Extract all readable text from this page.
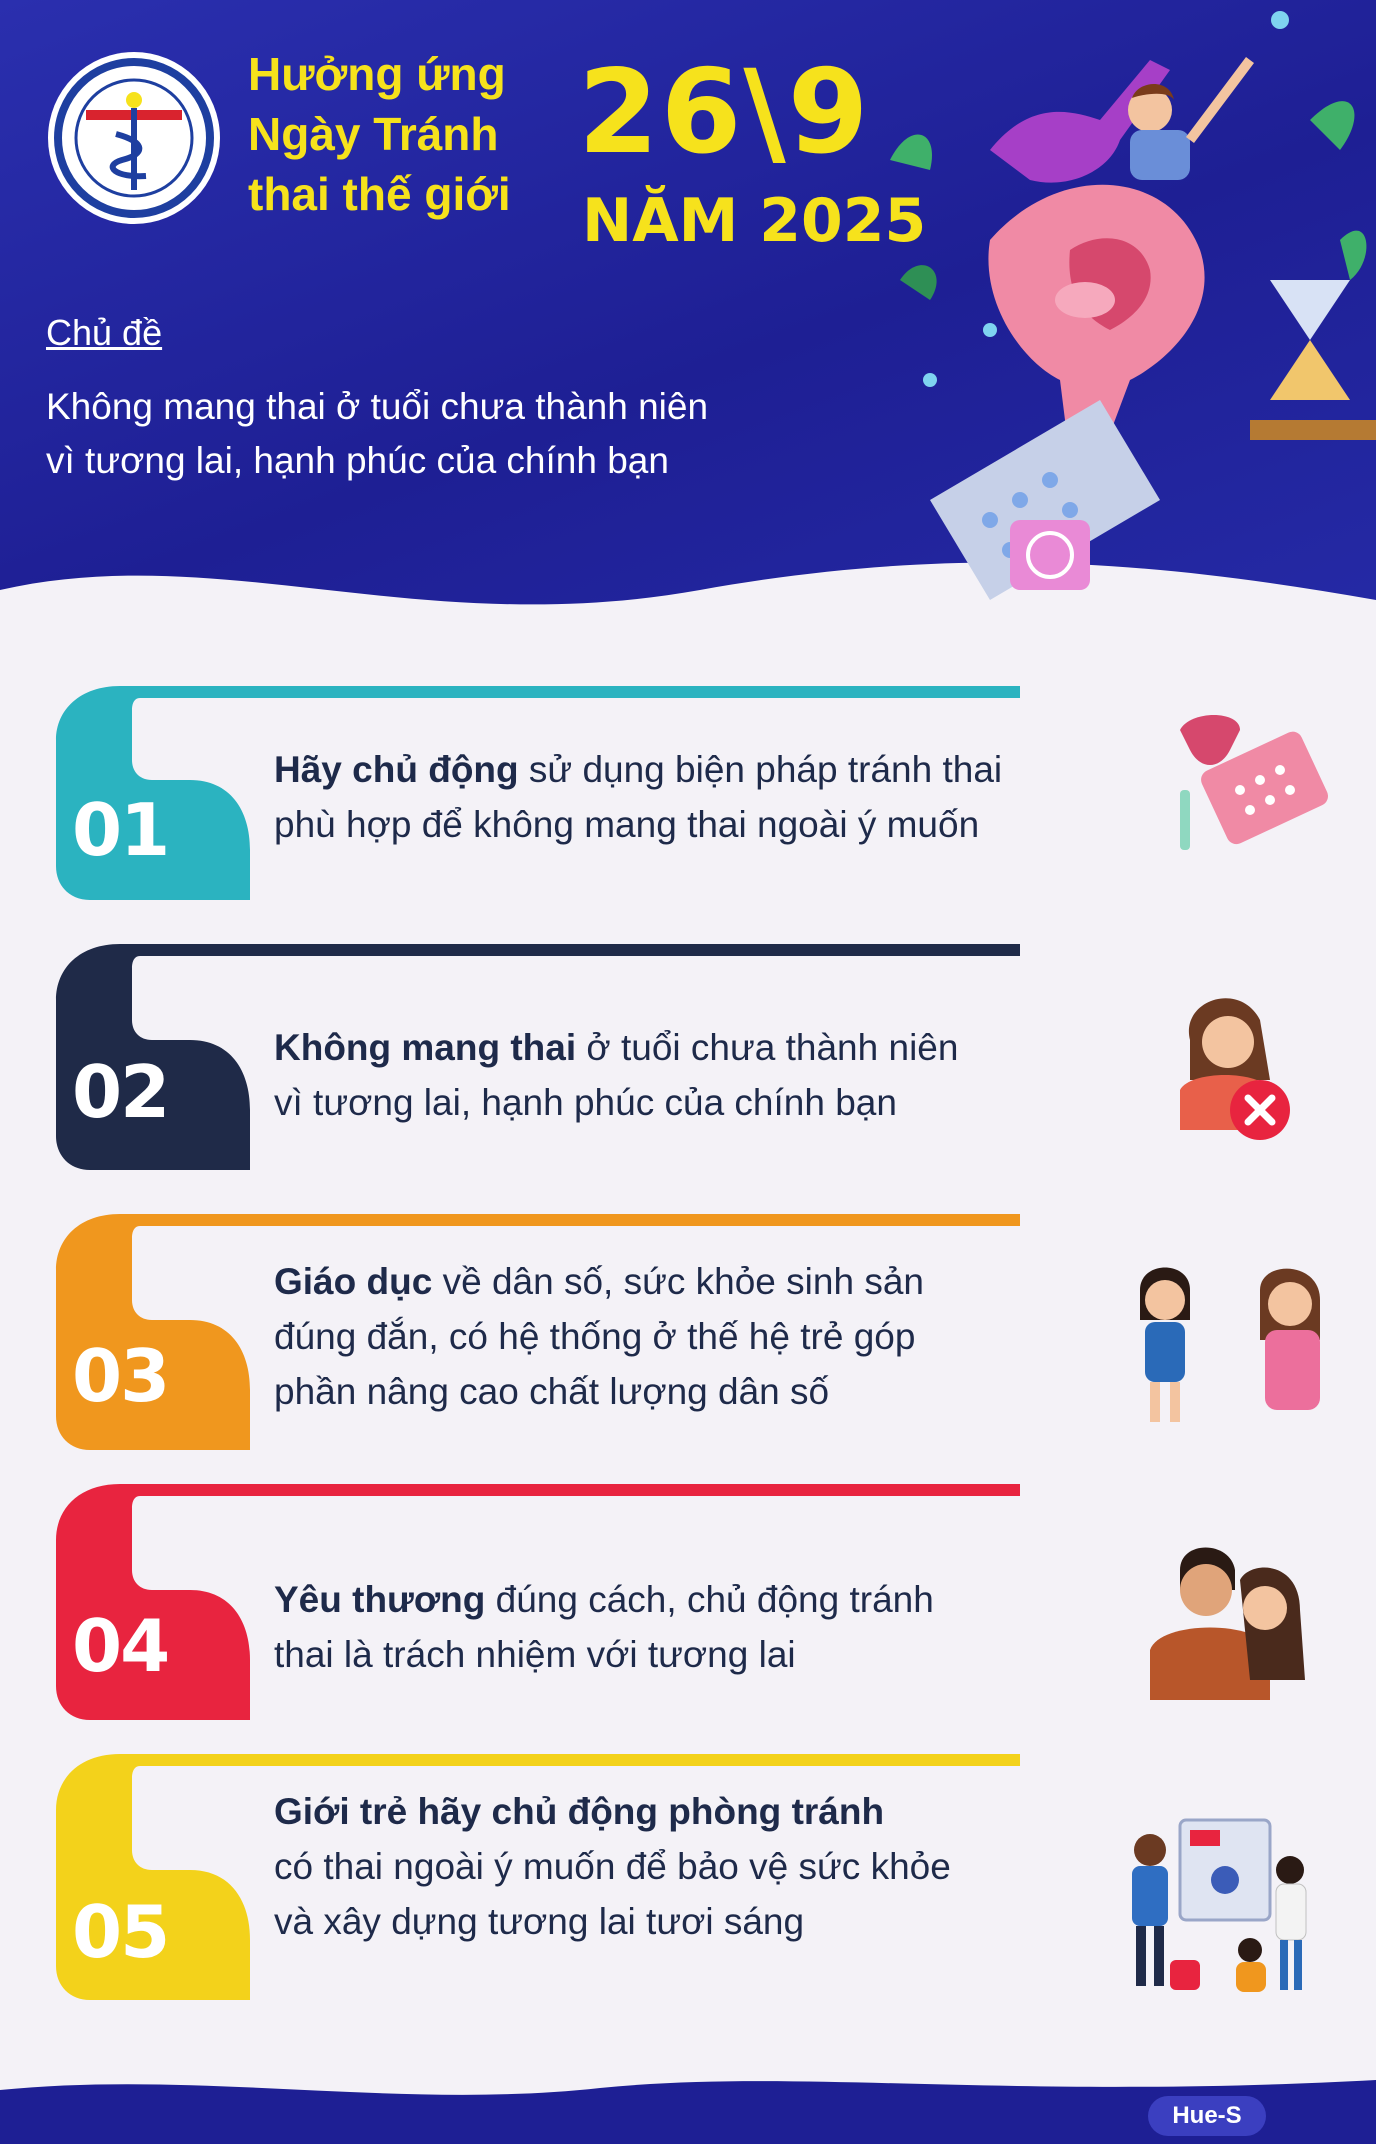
Hưởng ứng
Ngày Tránh
thai thế giới
26\9
NĂM 2025
Chủ đề
Không mang thai ở tuổi chưa thành niên
vì tương lai, hạnh phúc của chính bạn
01
Hãy chủ động sử dụng biện pháp tránh thai
phù hợp để không mang thai ngoài ý muốn
02
Không mang thai ở tuổi chưa thành niên
vì tương lai, hạnh phúc của chính bạn
03
Giáo dục về dân số, sức khỏe sinh sản
đúng đắn, có hệ thống ở thế hệ trẻ góp
phần nâng cao chất lượng dân số
04
Yêu thương đúng cách, chủ động tránh
thai là trách nhiệm với tương lai
05
Giới trẻ hãy chủ động phòng tránh
có thai ngoài ý muốn để bảo vệ sức khỏe
và xây dựng tương lai tươi sáng
Hue-S
